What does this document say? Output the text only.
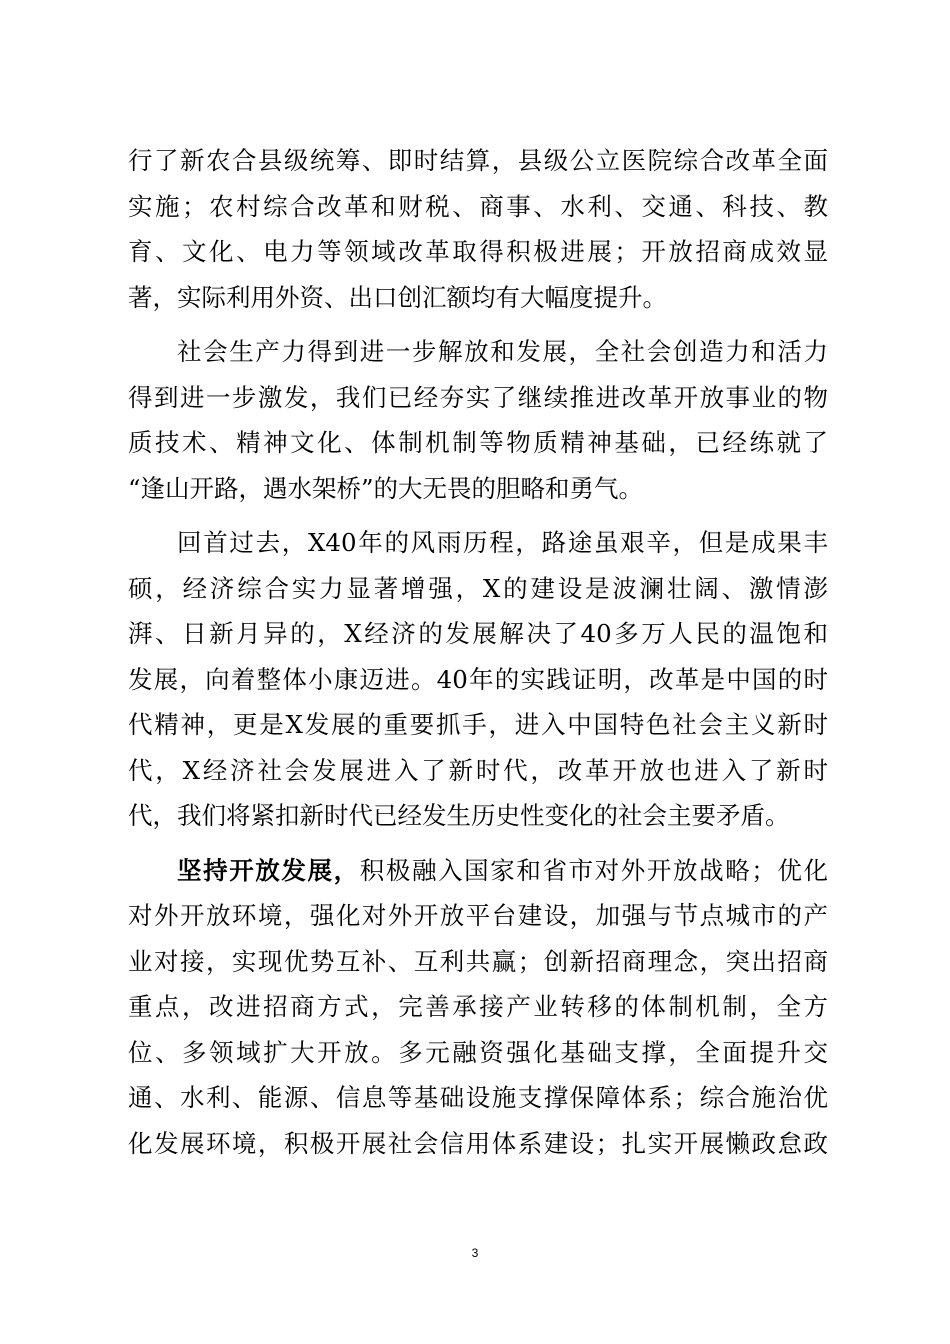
行了新农合县级统筹、即时结算，县级公立医院综合改革全面
实施；农村综合改革和财税、商事、水利、交通、科技、教
育、文化、电力等领域改革取得积极进展；开放招商成效显
著，实际利用外资、出口创汇额均有大幅度提升。
社会生产力得到进一步解放和发展，全社会创造力和活力
得到进一步激发，我们已经夯实了继续推进改革开放事业的物
质技术、精神文化、体制机制等物质精神基础，已经练就了
“逢山开路，遇水架桥”的大无畏的胆略和勇气。
回首过去，X40年的风雨历程，路途虽艰辛，但是成果丰
硕，经济综合实力显著增强，X的建设是波澜壮阔、激情澎
湃、日新月异的，X经济的发展解决了40多万人民的温饱和
发展，向着整体小康迈进。40年的实践证明，改革是中国的时
代精神，更是X发展的重要抓手，进入中国特色社会主义新时
代，X经济社会发展进入了新时代，改革开放也进入了新时
代，我们将紧扣新时代已经发生历史性变化的社会主要矛盾。
坚持开放发展，积极融入国家和省市对外开放战略；优化
对外开放环境，强化对外开放平台建设，加强与节点城市的产
业对接，实现优势互补、互利共赢；创新招商理念，突出招商
重点，改进招商方式，完善承接产业转移的体制机制，全方
位、多领域扩大开放。多元融资强化基础支撑，全面提升交
通、水利、能源、信息等基础设施支撑保障体系；综合施治优
化发展环境，积极开展社会信用体系建设；扎实开展懒政怠政
3
